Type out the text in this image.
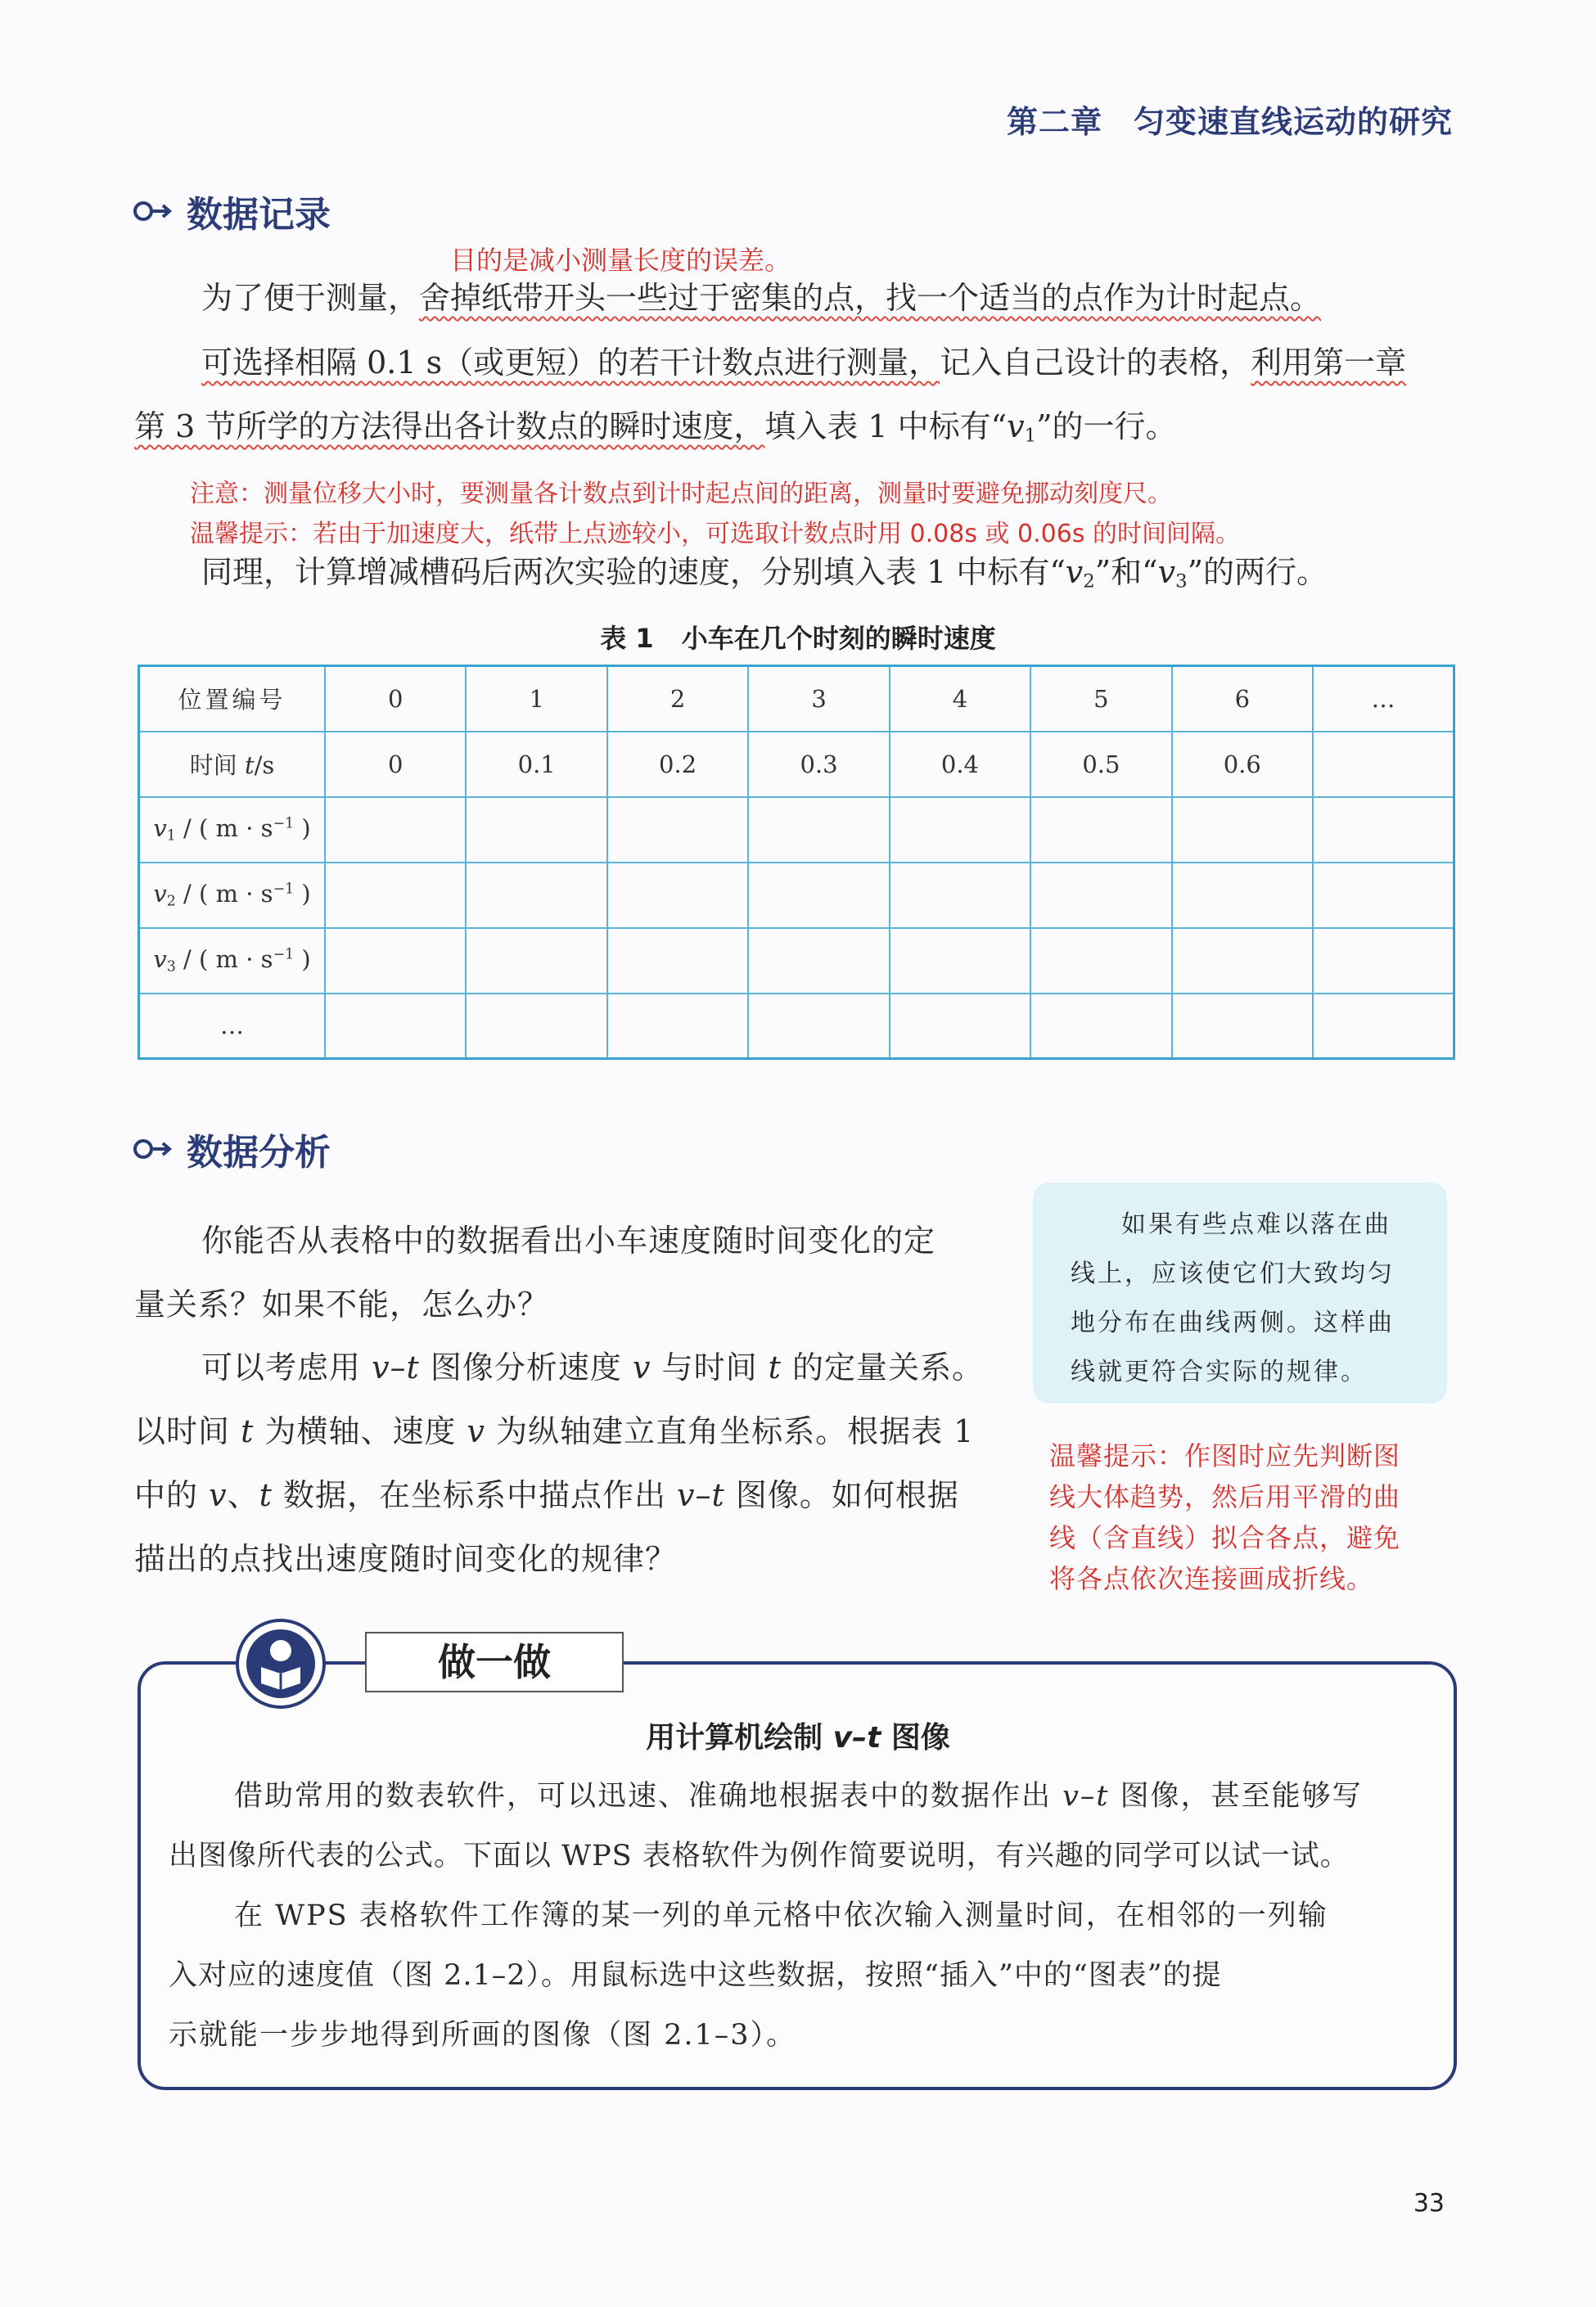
第二章 匀变速直线运动的研究
数据记录
目的是减小测量长度的误差。
为了便于测量，舍掉纸带开头一些过于密集的点，找一个适当的点作为计时起点。
可选择相隔 0.1 s（或更短）的若干计数点进行测量，记入自己设计的表格，利用第一章
第 3 节所学的方法得出各计数点的瞬时速度，填入表 1 中标有“$v_1$”的一行。
注意：测量位移大小时，要测量各计数点到计时起点间的距离，测量时要避免挪动刻度尺。
温馨提示：若由于加速度大，纸带上点迹较小，可选取计数点时用 0.08s 或 0.06s 的时间间隔。
同理，计算增减槽码后两次实验的速度，分别填入表 1 中标有“$v_2$”和“$v_3$”的两行。
表 1 小车在几个时刻的瞬时速度
位置编号	0	1	2	3	4	5	6	…
时间 t/s	0	0.1	0.2	0.3	0.4	0.5	0.6	
$v_1$ / ( $m \cdot s^{-1}$ )								
$v_2$ / ( $m \cdot s^{-1}$ )								
$v_3$ / ( $m \cdot s^{-1}$ )								
…								
数据分析
你能否从表格中的数据看出小车速度随时间变化的定
量关系？如果不能，怎么办？
可以考虑用 v–t 图像分析速度 v 与时间 t 的定量关系。
以时间 t 为横轴、速度 v 为纵轴建立直角坐标系。根据表 1
中的 v、t 数据，在坐标系中描点作出 v–t 图像。如何根据
描出的点找出速度随时间变化的规律？
如果有些点难以落在曲
线上，应该使它们大致均匀
地分布在曲线两侧。这样曲
线就更符合实际的规律。
温馨提示：作图时应先判断图
线大体趋势，然后用平滑的曲
线（含直线）拟合各点，避免
将各点依次连接画成折线。
做一做
用计算机绘制 v–t 图像
借助常用的数表软件，可以迅速、准确地根据表中的数据作出 v–t 图像，甚至能够写
出图像所代表的公式。下面以 WPS 表格软件为例作简要说明，有兴趣的同学可以试一试。
在 WPS 表格软件工作簿的某一列的单元格中依次输入测量时间，在相邻的一列输
入对应的速度值（图 2.1–2）。用鼠标选中这些数据，按照“插入”中的“图表”的提
示就能一步步地得到所画的图像（图 2.1–3）。
33
